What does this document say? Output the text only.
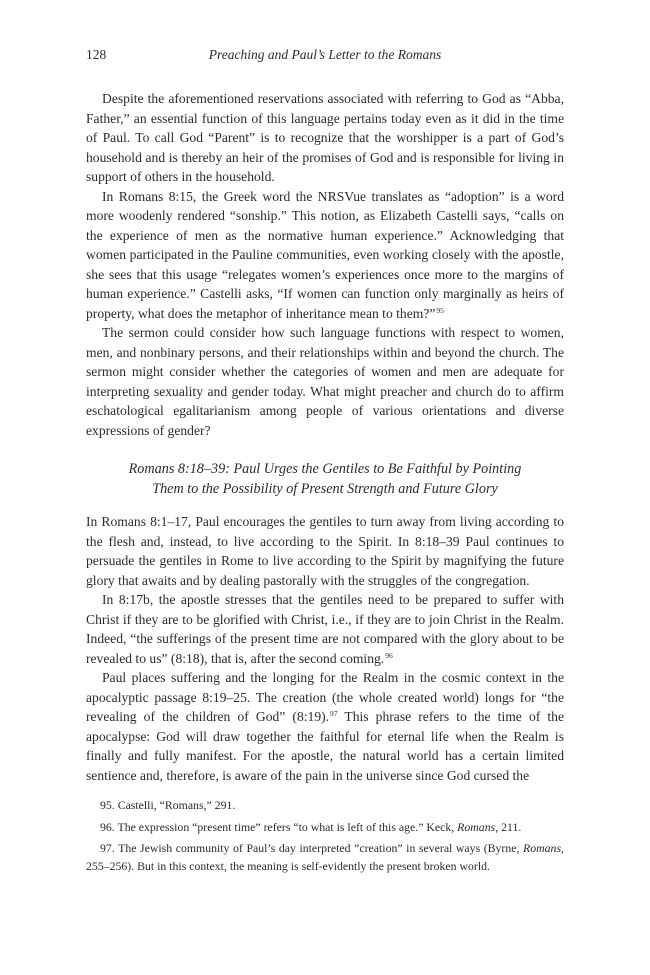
128	Preaching and Paul’s Letter to the Romans

Despite the aforementioned reservations associated with referring to God as “Abba, Father,” an essential function of this language pertains today even as it did in the time of Paul. To call God “Parent” is to recognize that the worshipper is a part of God’s household and is thereby an heir of the promises of God and is responsible for living in support of others in the household.

In Romans 8:15, the Greek word the NRSVue translates as “adoption” is a word more woodenly rendered “sonship.” This notion, as Elizabeth Castelli says, “calls on the experience of men as the normative human experience.” Acknowledging that women participated in the Pauline communities, even working closely with the apostle, she sees that this usage “relegates women’s experiences once more to the margins of human experience.” Castelli asks, “If women can function only marginally as heirs of property, what does the metaphor of inheritance mean to them?”$^{95}$

The sermon could consider how such language functions with respect to women, men, and nonbinary persons, and their relationships within and beyond the church. The sermon might consider whether the categories of women and men are adequate for interpreting sexuality and gender today. What might preacher and church do to affirm eschatological egalitarianism among people of various orientations and diverse expressions of gender?

Romans 8:18–39: Paul Urges the Gentiles to Be Faithful by Pointing
Them to the Possibility of Present Strength and Future Glory

In Romans 8:1–17, Paul encourages the gentiles to turn away from living according to the flesh and, instead, to live according to the Spirit. In 8:18–39 Paul continues to persuade the gentiles in Rome to live according to the Spirit by magnifying the future glory that awaits and by dealing pastorally with the struggles of the congregation.

In 8:17b, the apostle stresses that the gentiles need to be prepared to suffer with Christ if they are to be glorified with Christ, i.e., if they are to join Christ in the Realm. Indeed, “the sufferings of the present time are not compared with the glory about to be revealed to us” (8:18), that is, after the second coming.$^{96}$

Paul places suffering and the longing for the Realm in the cosmic context in the apocalyptic passage 8:19–25. The creation (the whole created world) longs for “the revealing of the children of God” (8:19).$^{97}$ This phrase refers to the time of the apocalypse: God will draw together the faithful for eternal life when the Realm is finally and fully manifest. For the apostle, the natural world has a certain limited sentience and, therefore, is aware of the pain in the universe since God cursed the

95. Castelli, “Romans,” 291.

96. The expression “present time” refers “to what is left of this age.” Keck, Romans, 211.

97. The Jewish community of Paul’s day interpreted ”creation” in several ways (Byrne, Romans, 255–256). But in this context, the meaning is self-evidently the present broken world.
